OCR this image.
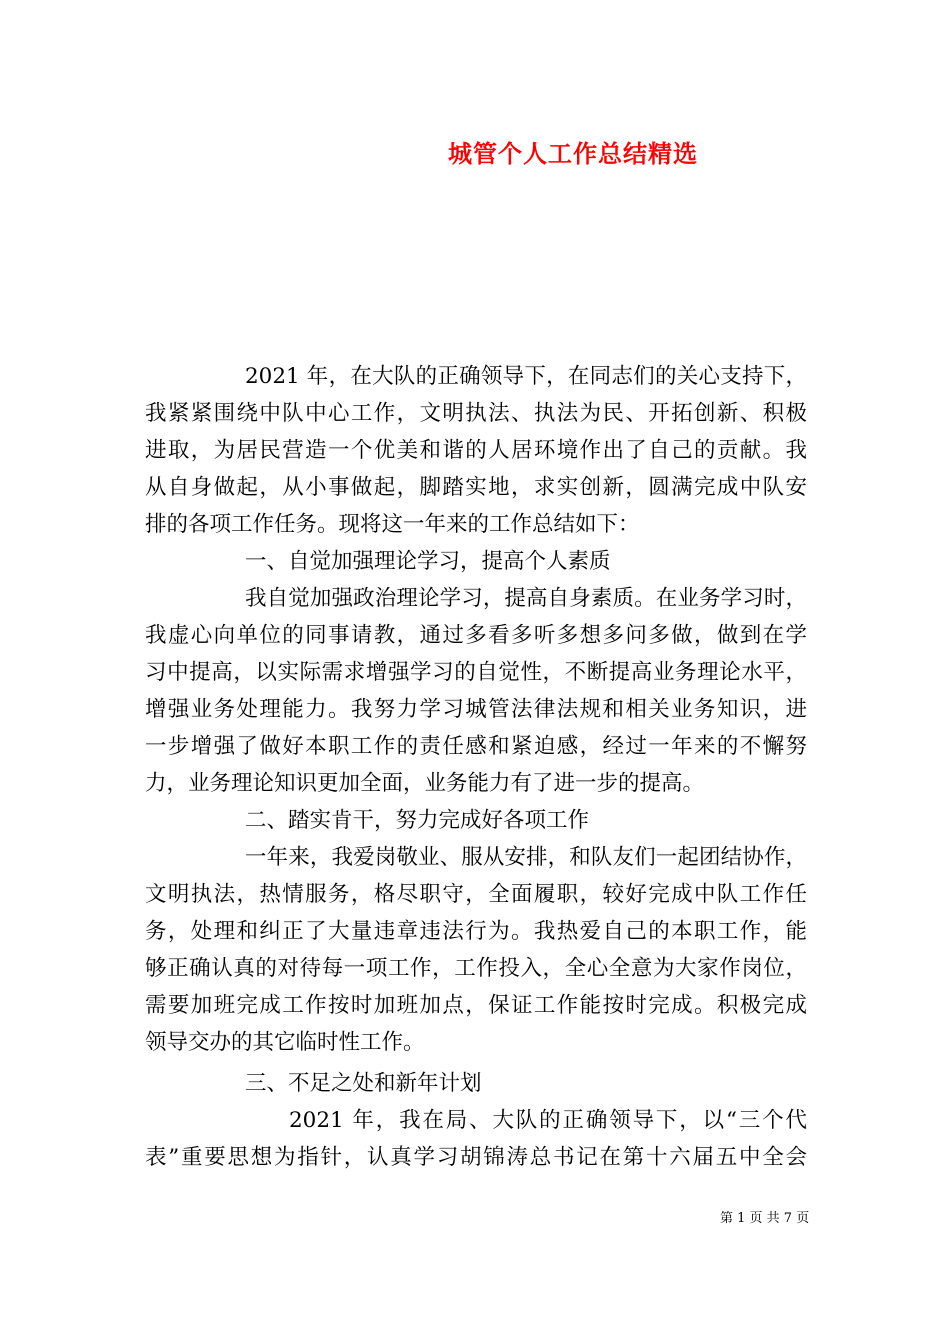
城管个人工作总结精选
2021 年，在大队的正确领导下，在同志们的关心支持下，
我紧紧围绕中队中心工作，文明执法、执法为民、开拓创新、积极
进取，为居民营造一个优美和谐的人居环境作出了自己的贡献。我
从自身做起，从小事做起，脚踏实地，求实创新，圆满完成中队安
排的各项工作任务。现将这一年来的工作总结如下：
一、自觉加强理论学习，提高个人素质
我自觉加强政治理论学习，提高自身素质。在业务学习时，
我虚心向单位的同事请教，通过多看多听多想多问多做，做到在学
习中提高，以实际需求增强学习的自觉性，不断提高业务理论水平，
增强业务处理能力。我努力学习城管法律法规和相关业务知识，进
一步增强了做好本职工作的责任感和紧迫感，经过一年来的不懈努
力，业务理论知识更加全面，业务能力有了进一步的提高。
二、踏实肯干，努力完成好各项工作
一年来，我爱岗敬业、服从安排，和队友们一起团结协作，
文明执法，热情服务，格尽职守，全面履职，较好完成中队工作任
务，处理和纠正了大量违章违法行为。我热爱自己的本职工作，能
够正确认真的对待每一项工作，工作投入，全心全意为大家作岗位，
需要加班完成工作按时加班加点，保证工作能按时完成。积极完成
领导交办的其它临时性工作。
三、不足之处和新年计划
2021 年，我在局、大队的正确领导下，以“三个代
表”重要思想为指针，认真学习胡锦涛总书记在第十六届五中全会
第 1 页 共 7 页
